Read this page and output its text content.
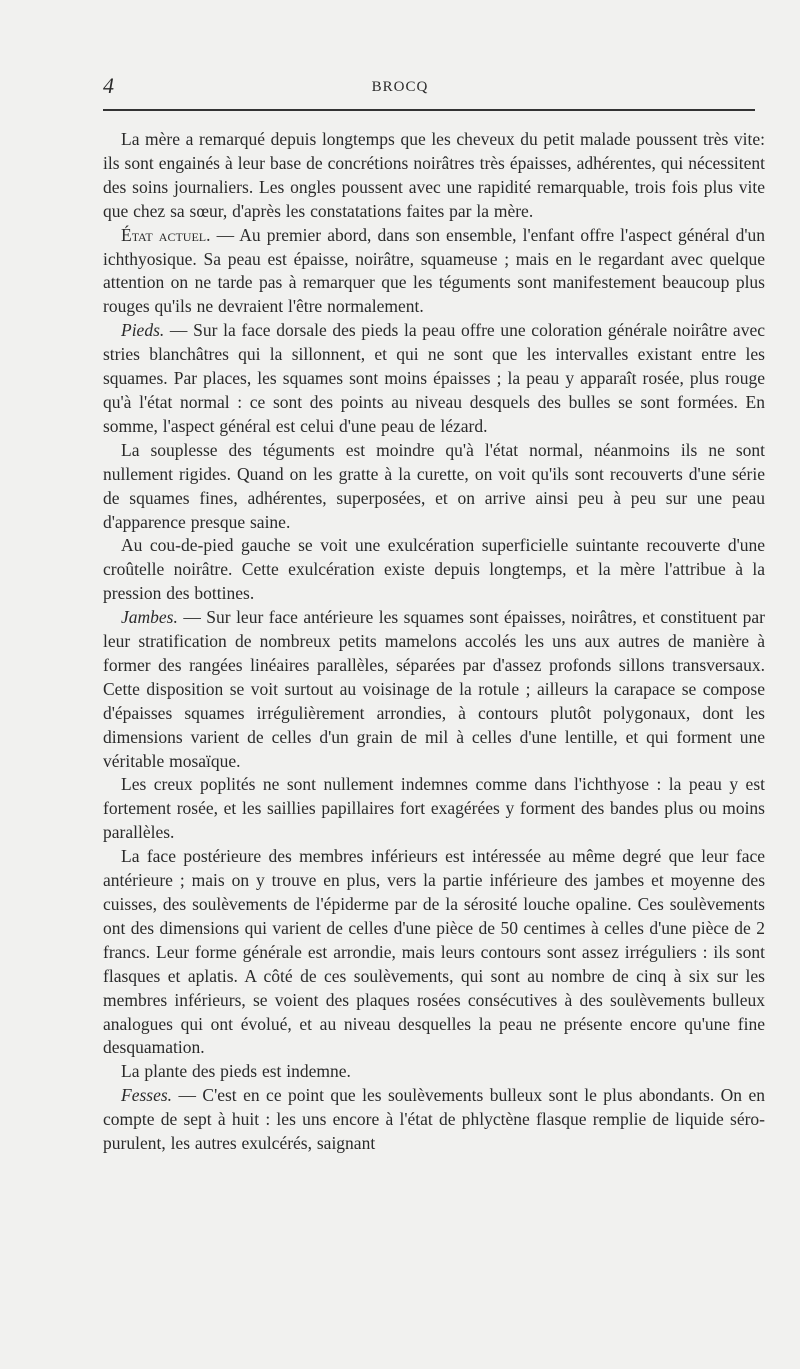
4	BROCQ

La mère a remarqué depuis longtemps que les cheveux du petit malade poussent très vite: ils sont engainés à leur base de concrétions noirâtres très épaisses, adhérentes, qui nécessitent des soins journaliers. Les ongles poussent avec une rapidité remarquable, trois fois plus vite que chez sa sœur, d'après les constatations faites par la mère.

État actuel. — Au premier abord, dans son ensemble, l'enfant offre l'aspect général d'un ichthyosique. Sa peau est épaisse, noirâtre, squameuse ; mais en le regardant avec quelque attention on ne tarde pas à remarquer que les téguments sont manifestement beaucoup plus rouges qu'ils ne devraient l'être normalement.

Pieds. — Sur la face dorsale des pieds la peau offre une coloration générale noirâtre avec stries blanchâtres qui la sillonnent, et qui ne sont que les intervalles existant entre les squames. Par places, les squames sont moins épaisses ; la peau y apparaît rosée, plus rouge qu'à l'état normal : ce sont des points au niveau desquels des bulles se sont formées. En somme, l'aspect général est celui d'une peau de lézard.

La souplesse des téguments est moindre qu'à l'état normal, néanmoins ils ne sont nullement rigides. Quand on les gratte à la curette, on voit qu'ils sont recouverts d'une série de squames fines, adhérentes, superposées, et on arrive ainsi peu à peu sur une peau d'apparence presque saine.

Au cou-de-pied gauche se voit une exulcération superficielle suintante recouverte d'une croûtelle noirâtre. Cette exulcération existe depuis longtemps, et la mère l'attribue à la pression des bottines.

Jambes. — Sur leur face antérieure les squames sont épaisses, noirâtres, et constituent par leur stratification de nombreux petits mamelons accolés les uns aux autres de manière à former des rangées linéaires parallèles, séparées par d'assez profonds sillons transversaux. Cette disposition se voit surtout au voisinage de la rotule ; ailleurs la carapace se compose d'épaisses squames irrégulièrement arrondies, à contours plutôt polygonaux, dont les dimensions varient de celles d'un grain de mil à celles d'une lentille, et qui forment une véritable mosaïque.

Les creux poplités ne sont nullement indemnes comme dans l'ichthyose : la peau y est fortement rosée, et les saillies papillaires fort exagérées y forment des bandes plus ou moins parallèles.

La face postérieure des membres inférieurs est intéressée au même degré que leur face antérieure ; mais on y trouve en plus, vers la partie inférieure des jambes et moyenne des cuisses, des soulèvements de l'épiderme par de la sérosité louche opaline. Ces soulèvements ont des dimensions qui varient de celles d'une pièce de 50 centimes à celles d'une pièce de 2 francs. Leur forme générale est arrondie, mais leurs contours sont assez irréguliers : ils sont flasques et aplatis. A côté de ces soulèvements, qui sont au nombre de cinq à six sur les membres inférieurs, se voient des plaques rosées consécutives à des soulèvements bulleux analogues qui ont évolué, et au niveau desquelles la peau ne présente encore qu'une fine desquamation.

La plante des pieds est indemne.

Fesses. — C'est en ce point que les soulèvements bulleux sont le plus abondants. On en compte de sept à huit : les uns encore à l'état de phlyctène flasque remplie de liquide séro-purulent, les autres exulcérés, saignant
